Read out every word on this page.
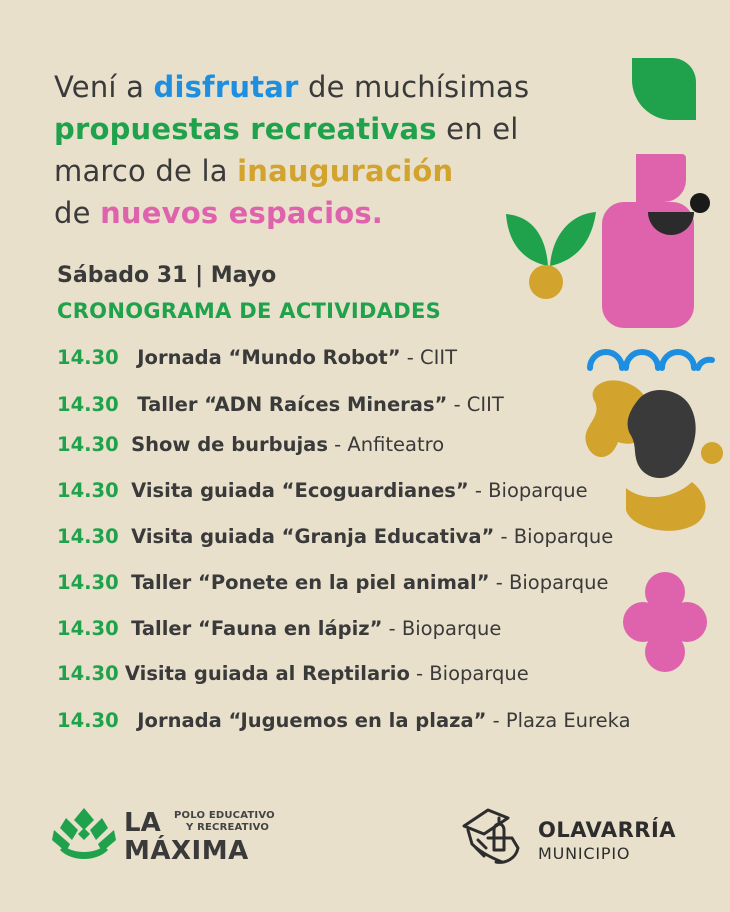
Vení a disfrutar de muchísimas
propuestas recreativas en el
marco de la inauguración
de nuevos espacios.
Sábado 31 | Mayo
CRONOGRAMA DE ACTIVIDADES
14.30 Jornada “Mundo Robot” - CIIT
14.30 Taller “ADN Raíces Mineras” - CIIT
14.30 Show de burbujas - Anfiteatro
14.30 Visita guiada “Ecoguardianes” - Bioparque
14.30 Visita guiada “Granja Educativa” - Bioparque
14.30 Taller “Ponete en la piel animal” - Bioparque
14.30 Taller “Fauna en lápiz” - Bioparque
14.30 Visita guiada al Reptilario - Bioparque
14.30 Jornada “Juguemos en la plaza” - Plaza Eureka
LA POLO EDUCATIVO
Y RECREATIVO
MÁXIMA
OLAVARRÍA
MUNICIPIO
